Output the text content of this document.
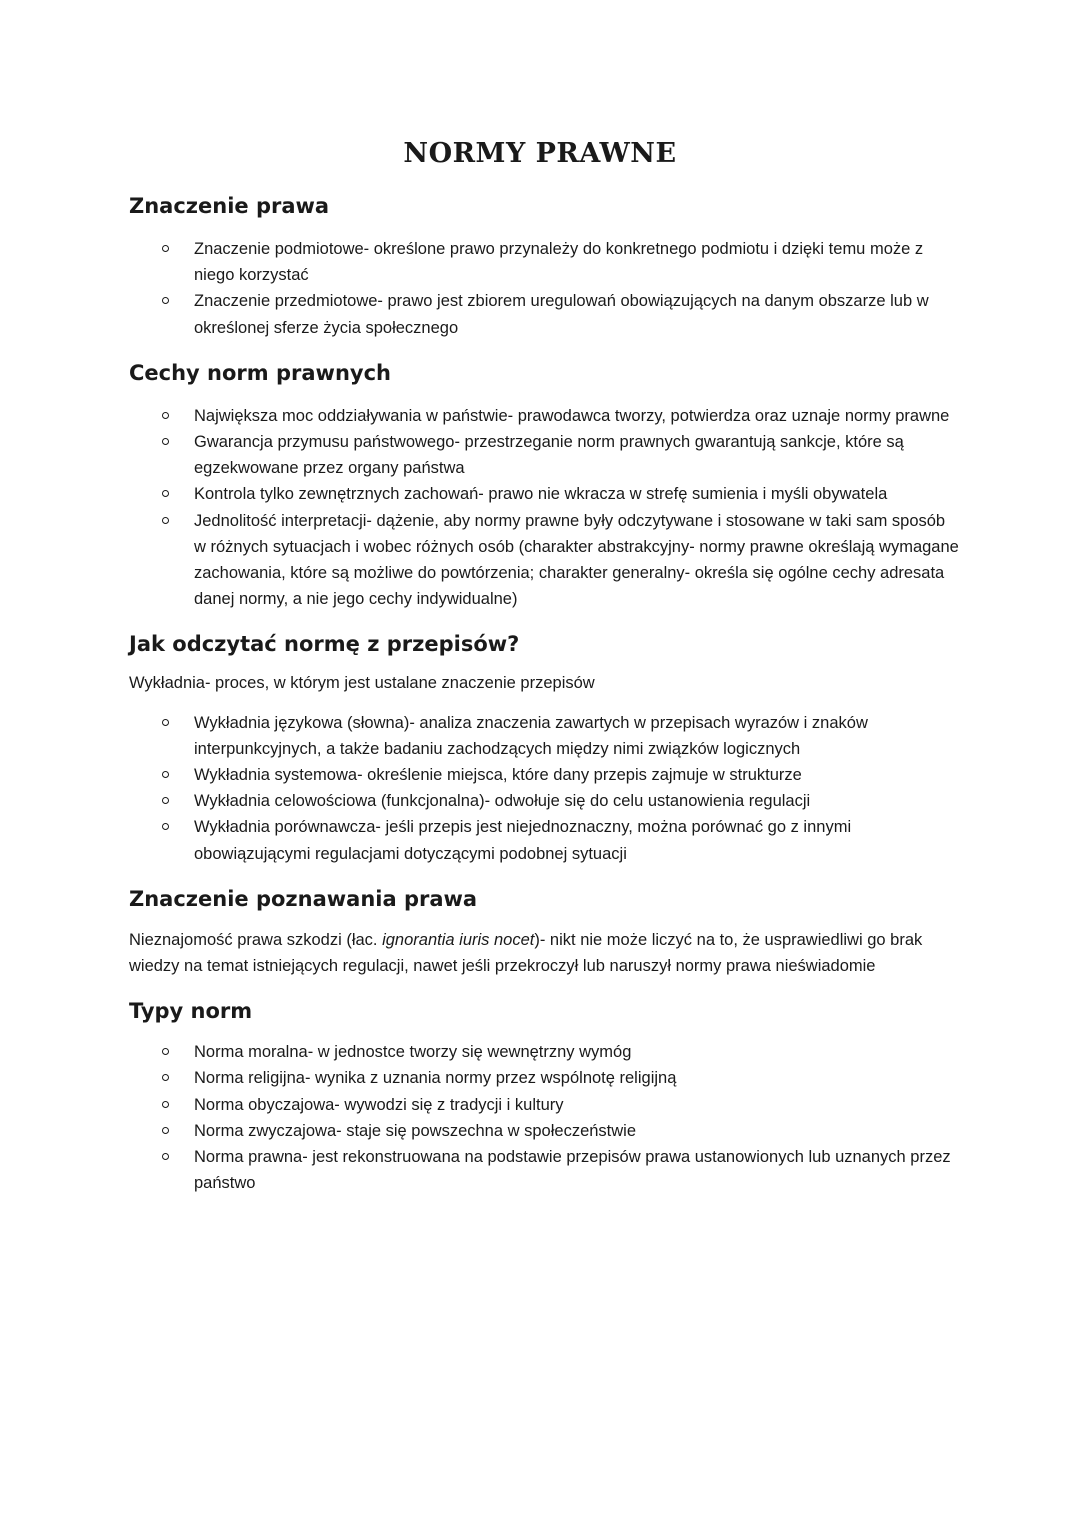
NORMY PRAWNE
Znaczenie prawa
Znaczenie podmiotowe- określone prawo przynależy do konkretnego podmiotu i dzięki temu może z niego korzystać
Znaczenie przedmiotowe- prawo jest zbiorem uregulowań obowiązujących na danym obszarze lub w określonej sferze życia społecznego
Cechy norm prawnych
Największa moc oddziaływania w państwie- prawodawca tworzy, potwierdza oraz uznaje normy prawne
Gwarancja przymusu państwowego- przestrzeganie norm prawnych gwarantują sankcje, które są egzekwowane przez organy państwa
Kontrola tylko zewnętrznych zachowań- prawo nie wkracza w strefę sumienia i myśli obywatela
Jednolitość interpretacji- dążenie, aby normy prawne były odczytywane i stosowane w taki sam sposób w różnych sytuacjach i wobec różnych osób (charakter abstrakcyjny- normy prawne określają wymagane zachowania, które są możliwe do powtórzenia; charakter generalny- określa się ogólne cechy adresata danej normy, a nie jego cechy indywidualne)
Jak odczytać normę z przepisów?

Wykładnia- proces, w którym jest ustalane znaczenie przepisów

Wykładnia językowa (słowna)- analiza znaczenia zawartych w przepisach wyrazów i znaków interpunkcyjnych, a także badaniu zachodzących między nimi związków logicznych
Wykładnia systemowa- określenie miejsca, które dany przepis zajmuje w strukturze
Wykładnia celowościowa (funkcjonalna)- odwołuje się do celu ustanowienia regulacji
Wykładnia porównawcza- jeśli przepis jest niejednoznaczny, można porównać go z innymi obowiązującymi regulacjami dotyczącymi podobnej sytuacji
Znaczenie poznawania prawa

Nieznajomość prawa szkodzi (łac. ignorantia iuris nocet)- nikt nie może liczyć na to, że usprawiedliwi go brak wiedzy na temat istniejących regulacji, nawet jeśli przekroczył lub naruszył normy prawa nieświadomie

Typy norm
Norma moralna- w jednostce tworzy się wewnętrzny wymóg
Norma religijna- wynika z uznania normy przez wspólnotę religijną
Norma obyczajowa- wywodzi się z tradycji i kultury
Norma zwyczajowa- staje się powszechna w społeczeństwie
Norma prawna- jest rekonstruowana na podstawie przepisów prawa ustanowionych lub uznanych przez państwo
